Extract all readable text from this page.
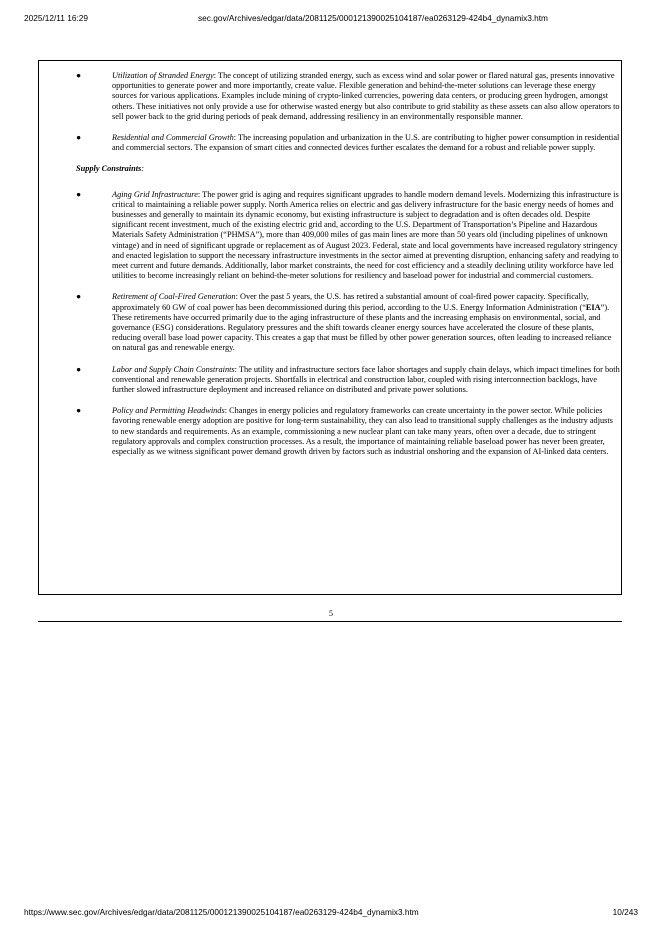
2025/12/11 16:29	sec.gov/Archives/edgar/data/2081125/000121390025104187/ea0263129-424b4_dynamix3.htm
●	Utilization of Stranded Energy: The concept of utilizing stranded energy, such as excess wind and solar power or flared natural gas, presents innovative opportunities to generate power and more importantly, create value. Flexible generation and behind-the-meter solutions can leverage these energy sources for various applications. Examples include mining of crypto-linked currencies, powering data centers, or producing green hydrogen, amongst others. These initiatives not only provide a use for otherwise wasted energy but also contribute to grid stability as these assets can also allow operators to sell power back to the grid during periods of peak demand, addressing resiliency in an environmentally responsible manner.
●	Residential and Commercial Growth: The increasing population and urbanization in the U.S. are contributing to higher power consumption in residential and commercial sectors. The expansion of smart cities and connected devices further escalates the demand for a robust and reliable power supply.
Supply Constraints:
●	Aging Grid Infrastructure: The power grid is aging and requires significant upgrades to handle modern demand levels. Modernizing this infrastructure is critical to maintaining a reliable power supply. North America relies on electric and gas delivery infrastructure for the basic energy needs of homes and businesses and generally to maintain its dynamic economy, but existing infrastructure is subject to degradation and is often decades old. Despite significant recent investment, much of the existing electric grid and, according to the U.S. Department of Transportation’s Pipeline and Hazardous Materials Safety Administration (“PHMSA”), more than 409,000 miles of gas main lines are more than 50 years old (including pipelines of unknown vintage) and in need of significant upgrade or replacement as of August 2023. Federal, state and local governments have increased regulatory stringency and enacted legislation to support the necessary infrastructure investments in the sector aimed at preventing disruption, enhancing safety and readying to meet current and future demands. Additionally, labor market constraints, the need for cost efficiency and a steadily declining utility workforce have led utilities to become increasingly reliant on behind-the-meter solutions for resiliency and baseload power for industrial and commercial customers.
●	Retirement of Coal-Fired Generation: Over the past 5 years, the U.S. has retired a substantial amount of coal-fired power capacity. Specifically, approximately 60 GW of coal power has been decommissioned during this period, according to the U.S. Energy Information Administration (“EIA”). These retirements have occurred primarily due to the aging infrastructure of these plants and the increasing emphasis on environmental, social, and governance (ESG) considerations. Regulatory pressures and the shift towards cleaner energy sources have accelerated the closure of these plants, reducing overall base load power capacity. This creates a gap that must be filled by other power generation sources, often leading to increased reliance on natural gas and renewable energy.
●	Labor and Supply Chain Constraints: The utility and infrastructure sectors face labor shortages and supply chain delays, which impact timelines for both conventional and renewable generation projects. Shortfalls in electrical and construction labor, coupled with rising interconnection backlogs, have further slowed infrastructure deployment and increased reliance on distributed and private power solutions.
●	Policy and Permitting Headwinds: Changes in energy policies and regulatory frameworks can create uncertainty in the power sector. While policies favoring renewable energy adoption are positive for long-term sustainability, they can also lead to transitional supply challenges as the industry adjusts to new standards and requirements. As an example, commissioning a new nuclear plant can take many years, often over a decade, due to stringent regulatory approvals and complex construction processes. As a result, the importance of maintaining reliable baseload power has never been greater, especially as we witness significant power demand growth driven by factors such as industrial onshoring and the expansion of AI-linked data centers.
5
https://www.sec.gov/Archives/edgar/data/2081125/000121390025104187/ea0263129-424b4_dynamix3.htm	10/243
